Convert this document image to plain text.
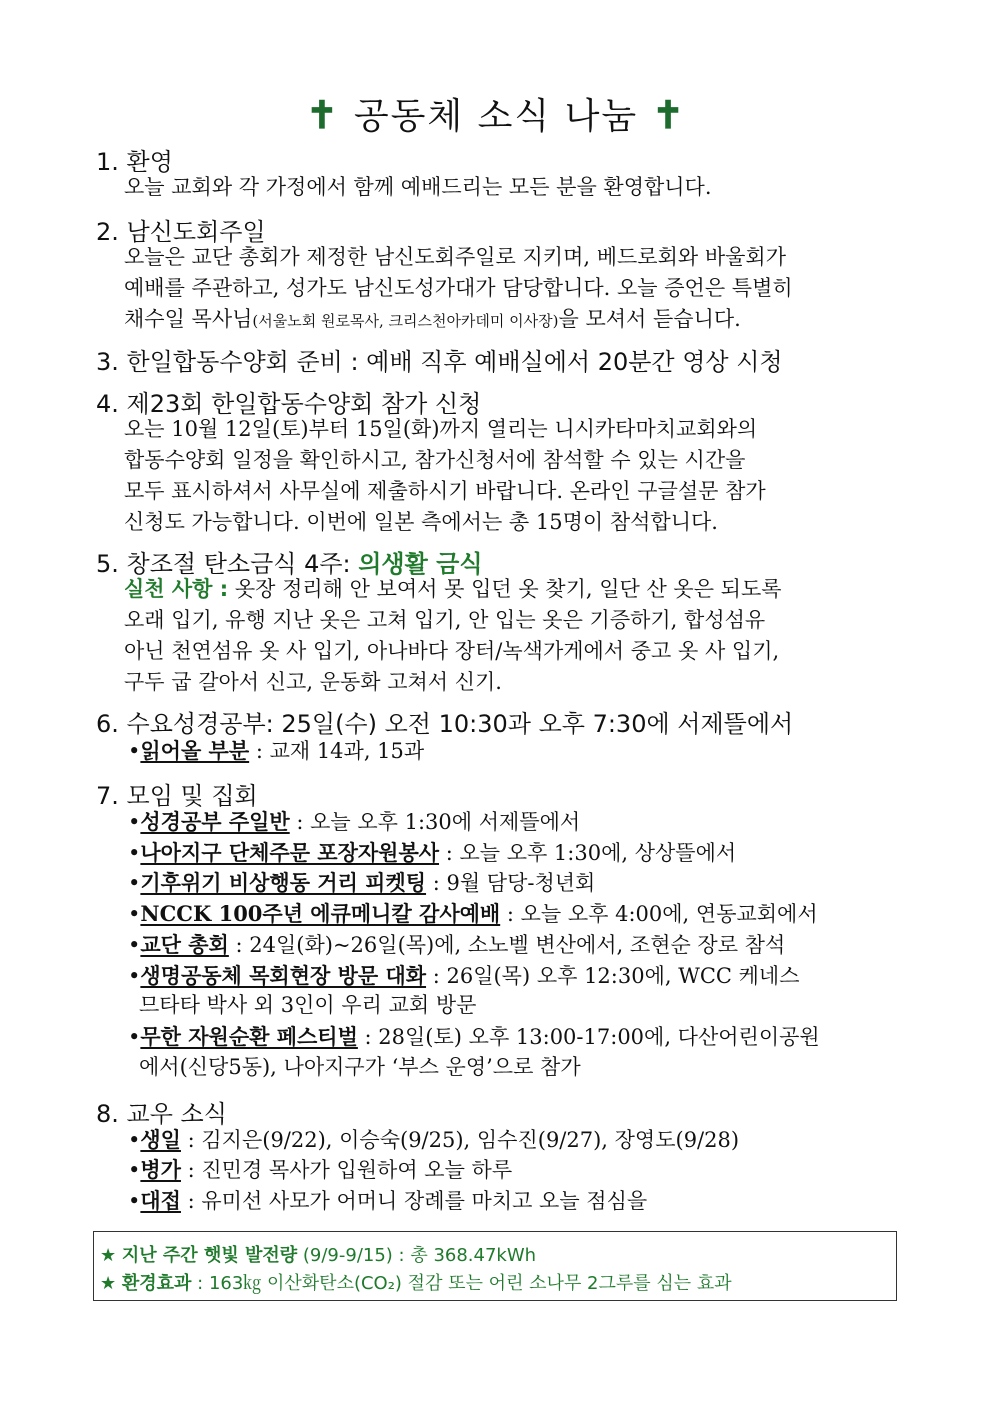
✝ 공동체 소식 나눔 ✝
1. 환영
오늘 교회와 각 가정에서 함께 예배드리는 모든 분을 환영합니다.
2. 남신도회주일
오늘은 교단 총회가 제정한 남신도회주일로 지키며, 베드로회와 바울회가
예배를 주관하고, 성가도 남신도성가대가 담당합니다. 오늘 증언은 특별히
채수일 목사님(서울노회 원로목사, 크리스천아카데미 이사장)을 모셔서 듣습니다.
3. 한일합동수양회 준비 : 예배 직후 예배실에서 20분간 영상 시청
4. 제23회 한일합동수양회 참가 신청
오는 10월 12일(토)부터 15일(화)까지 열리는 니시카타마치교회와의
합동수양회 일정을 확인하시고, 참가신청서에 참석할 수 있는 시간을
모두 표시하셔서 사무실에 제출하시기 바랍니다. 온라인 구글설문 참가
신청도 가능합니다. 이번에 일본 측에서는 총 15명이 참석합니다.
5. 창조절 탄소금식 4주: 의생활 금식
실천 사항 : 옷장 정리해 안 보여서 못 입던 옷 찾기, 일단 산 옷은 되도록
오래 입기, 유행 지난 옷은 고쳐 입기, 안 입는 옷은 기증하기, 합성섬유
아닌 천연섬유 옷 사 입기, 아나바다 장터/녹색가게에서 중고 옷 사 입기,
구두 굽 갈아서 신고, 운동화 고쳐서 신기.
6. 수요성경공부: 25일(수) 오전 10:30과 오후 7:30에 서제뜰에서
•읽어올 부분 : 교재 14과, 15과
7. 모임 및 집회
•성경공부 주일반 : 오늘 오후 1:30에 서제뜰에서
•나아지구 단체주문 포장자원봉사 : 오늘 오후 1:30에, 상상뜰에서
•기후위기 비상행동 거리 피켓팅 : 9월 담당-청년회
•NCCK 100주년 에큐메니칼 감사예배 : 오늘 오후 4:00에, 연동교회에서
•교단 총회 : 24일(화)~26일(목)에, 소노벨 변산에서, 조현순 장로 참석
•생명공동체 목회현장 방문 대화 : 26일(목) 오후 12:30에, WCC 케네스
므타타 박사 외 3인이 우리 교회 방문
•무한 자원순환 페스티벌 : 28일(토) 오후 13:00-17:00에, 다산어린이공원
에서(신당5동), 나아지구가 ‘부스 운영’으로 참가
8. 교우 소식
•생일 : 김지은(9/22), 이승숙(9/25), 임수진(9/27), 장영도(9/28)
•병가 : 진민경 목사가 입원하여 오늘 하루
•대접 : 유미선 사모가 어머니 장례를 마치고 오늘 점심을
★ 지난 주간 햇빛 발전량 (9/9-9/15) : 총 368.47kWh
★ 환경효과 : 163㎏ 이산화탄소(CO₂) 절감 또는 어린 소나무 2그루를 심는 효과
